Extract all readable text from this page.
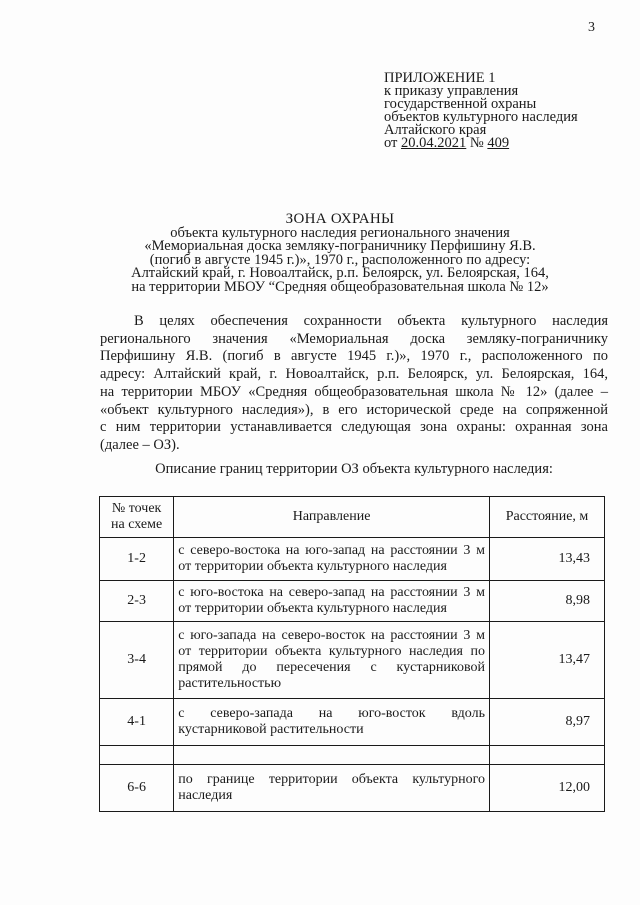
3
ПРИЛОЖЕНИЕ 1
к приказу управления
государственной охраны
объектов культурного наследия
Алтайского края
от 20.04.2021 № 409
ЗОНА ОХРАНЫ
объекта культурного наследия регионального значения
«Мемориальная доска земляку-пограничнику Перфишину Я.В.
(погиб в августе 1945 г.)», 1970 г., расположенного по адресу:
Алтайский край, г. Новоалтайск, р.п. Белоярск, ул. Белоярская, 164,
на территории МБОУ “Средняя общеобразовательная школа № 12»
В целях обеспечения сохранности объекта культурного наследия
регионального значения «Мемориальная доска земляку-пограничнику
Перфишину Я.В. (погиб в августе 1945 г.)», 1970 г., расположенного по
адресу: Алтайский край, г. Новоалтайск, р.п. Белоярск, ул. Белоярская, 164,
на территории МБОУ «Средняя общеобразовательная школа № 12» (далее –
«объект культурного наследия»), в его исторической среде на сопряженной
с ним территории устанавливается следующая зона охраны: охранная зона
(далее – ОЗ).
Описание границ территории ОЗ объекта культурного наследия:
№ точек на схеме	Направление	Расстояние, м
1-2	с северо-востока на юго-запад на расстоянии 3 м от территории объекта культурного наследия	13,43
2-3	с юго-востока на северо-запад на расстоянии 3 м от территории объекта культурного наследия	8,98
3-4	с юго-запада на северо-восток на расстоянии 3 м от территории объекта культурного наследия по прямой до пересечения с кустарниковой растительностью	13,47
4-1	с северо-запада на юго-восток вдоль кустарниковой растительности	8,97

6-6	по границе территории объекта культурного наследия	12,00
